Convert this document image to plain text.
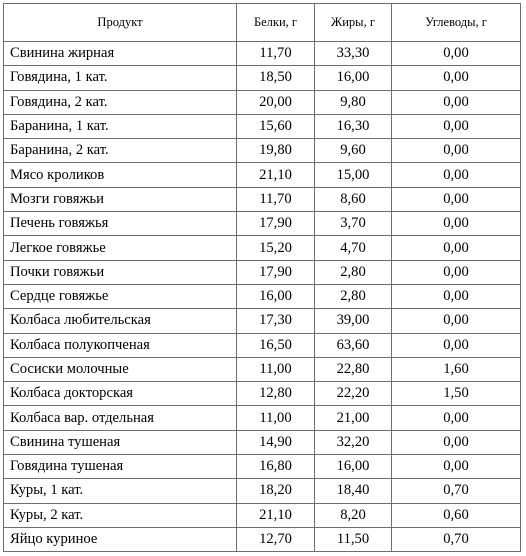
Продукт	Белки, г	Жиры, г	Углеводы, г
Свинина жирная	11,70	33,30	0,00
Говядина, 1 кат.	18,50	16,00	0,00
Говядина, 2 кат.	20,00	9,80	0,00
Баранина, 1 кат.	15,60	16,30	0,00
Баранина, 2 кат.	19,80	9,60	0,00
Мясо кроликов	21,10	15,00	0,00
Мозги говяжьи	11,70	8,60	0,00
Печень говяжья	17,90	3,70	0,00
Легкое говяжье	15,20	4,70	0,00
Почки говяжьи	17,90	2,80	0,00
Сердце говяжье	16,00	2,80	0,00
Колбаса любительская	17,30	39,00	0,00
Колбаса полукопченая	16,50	63,60	0,00
Сосиски молочные	11,00	22,80	1,60
Колбаса докторская	12,80	22,20	1,50
Колбаса вар. отдельная	11,00	21,00	0,00
Свинина тушеная	14,90	32,20	0,00
Говядина тушеная	16,80	16,00	0,00
Куры, 1 кат.	18,20	18,40	0,70
Куры, 2 кат.	21,10	8,20	0,60
Яйцо куриное	12,70	11,50	0,70
